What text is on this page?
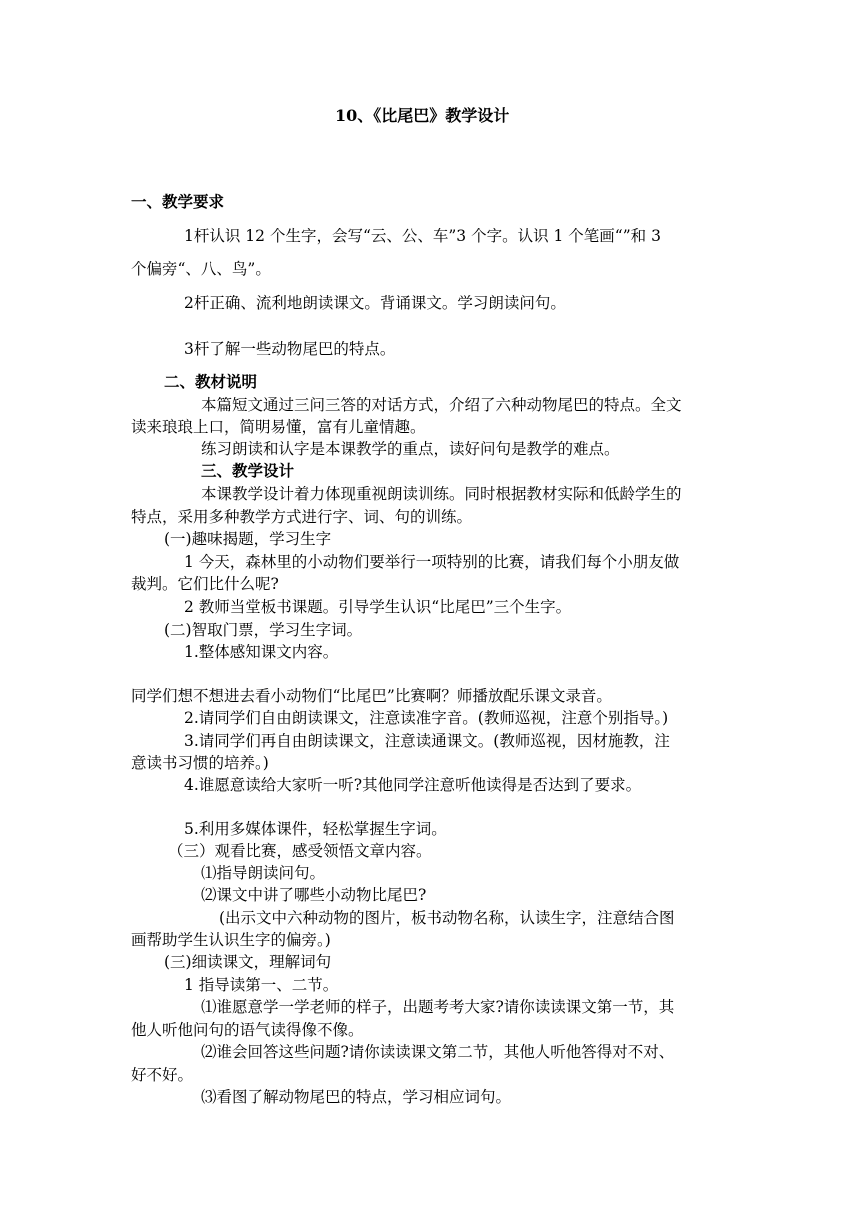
10、《比尾巴》教学设计
一、教学要求
1杆认识 12 个生字，会写“云、公、车”3 个字。认识 1 个笔画“”和 3
个偏旁“、八、鸟”。
2杆正确、流利地朗读课文。背诵课文。学习朗读问句。
3杆了解一些动物尾巴的特点。
二、教材说明
本篇短文通过三问三答的对话方式，介绍了六种动物尾巴的特点。全文
读来琅琅上口，简明易懂，富有儿童情趣。
练习朗读和认字是本课教学的重点，读好问句是教学的难点。
三、教学设计
本课教学设计着力体现重视朗读训练。同时根据教材实际和低龄学生的
特点，采用多种教学方式进行字、词、句的训练。
(一)趣味揭题，学习生字
1 今天，森林里的小动物们要举行一项特别的比赛，请我们每个小朋友做
裁判。它们比什么呢?
2 教师当堂板书课题。引导学生认识“比尾巴”三个生字。
(二)智取门票，学习生字词。
1.整体感知课文内容。
同学们想不想进去看小动物们“比尾巴”比赛啊？师播放配乐课文录音。
2.请同学们自由朗读课文，注意读准字音。(教师巡视，注意个别指导。)
3.请同学们再自由朗读课文，注意读通课文。(教师巡视，因材施教，注
意读书习惯的培养。)
4.谁愿意读给大家听一听?其他同学注意听他读得是否达到了要求。
5.利用多媒体课件，轻松掌握生字词。
（三）观看比赛，感受领悟文章内容。
⑴指导朗读问句。
⑵课文中讲了哪些小动物比尾巴?
(出示文中六种动物的图片，板书动物名称，认读生字，注意结合图
画帮助学生认识生字的偏旁。)
(三)细读课文，理解词句
1 指导读第一、二节。
⑴谁愿意学一学老师的样子，出题考考大家?请你读读课文第一节，其
他人听他问句的语气读得像不像。
⑵谁会回答这些问题?请你读读课文第二节，其他人听他答得对不对、
好不好。
⑶看图了解动物尾巴的特点，学习相应词句。
